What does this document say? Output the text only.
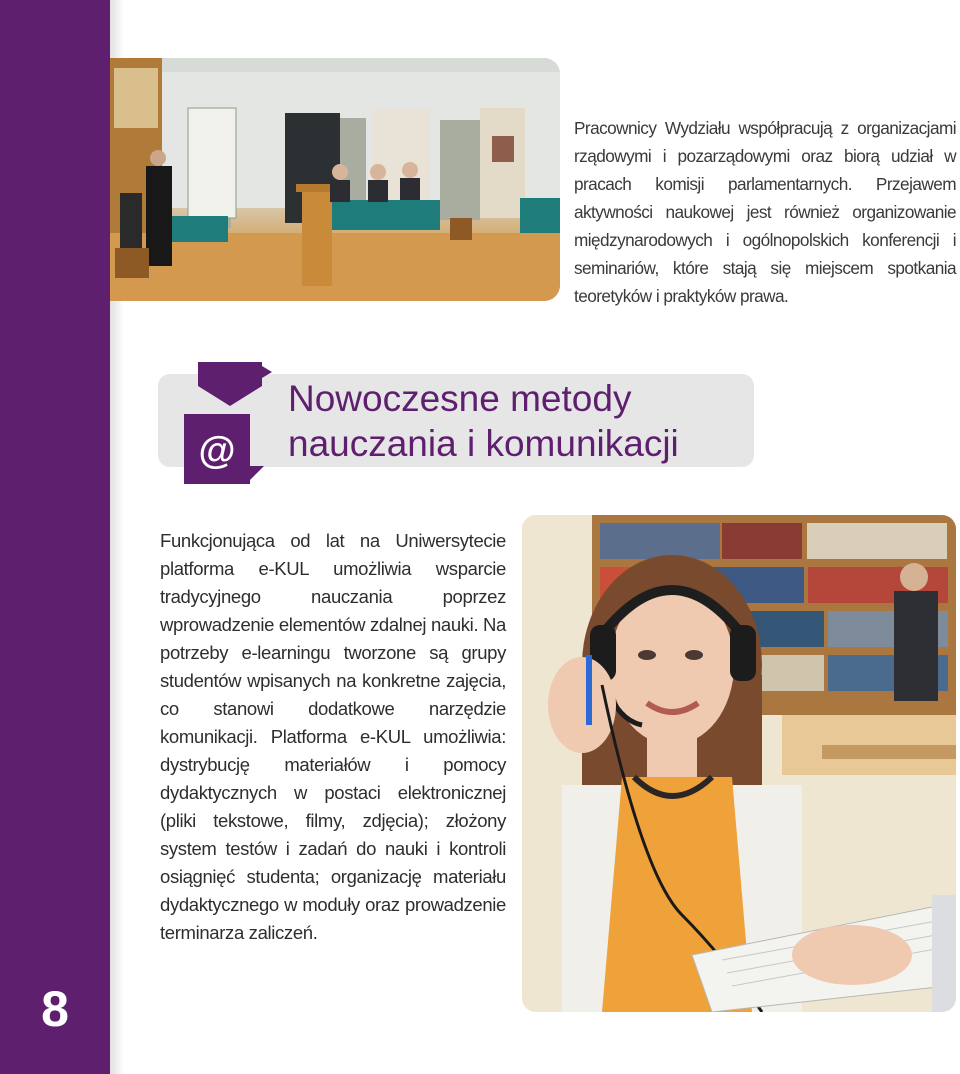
8

Pracownicy Wydziału współpracują z organizacjami rządowymi i pozarządowymi oraz biorą udział w pracach komisji parlamentarnych. Przejawem aktywności naukowej jest również organizowanie międzynarodowych i ogólnopolskich konferencji i seminariów, które stają się miejscem spotkania teoretyków i praktyków prawa.

@
Nowoczesne metody
nauczania i komunikacji

Funkcjonująca od lat na Uniwersytecie platforma e-KUL umożliwia wsparcie tradycyjnego nauczania poprzez wprowadzenie elementów zdalnej nauki. Na potrzeby e-learningu tworzone są grupy studentów wpisanych na konkretne zajęcia, co stanowi dodatkowe narzędzie komunikacji. Platforma e-KUL umożliwia: dystrybucję materiałów i pomocy dydaktycznych w postaci elektronicznej (pliki tekstowe, filmy, zdjęcia); złożony system testów i zadań do nauki i kontroli osiągnięć studenta; organizację materiału dydaktycznego w moduły oraz prowadzenie terminarza zaliczeń.
